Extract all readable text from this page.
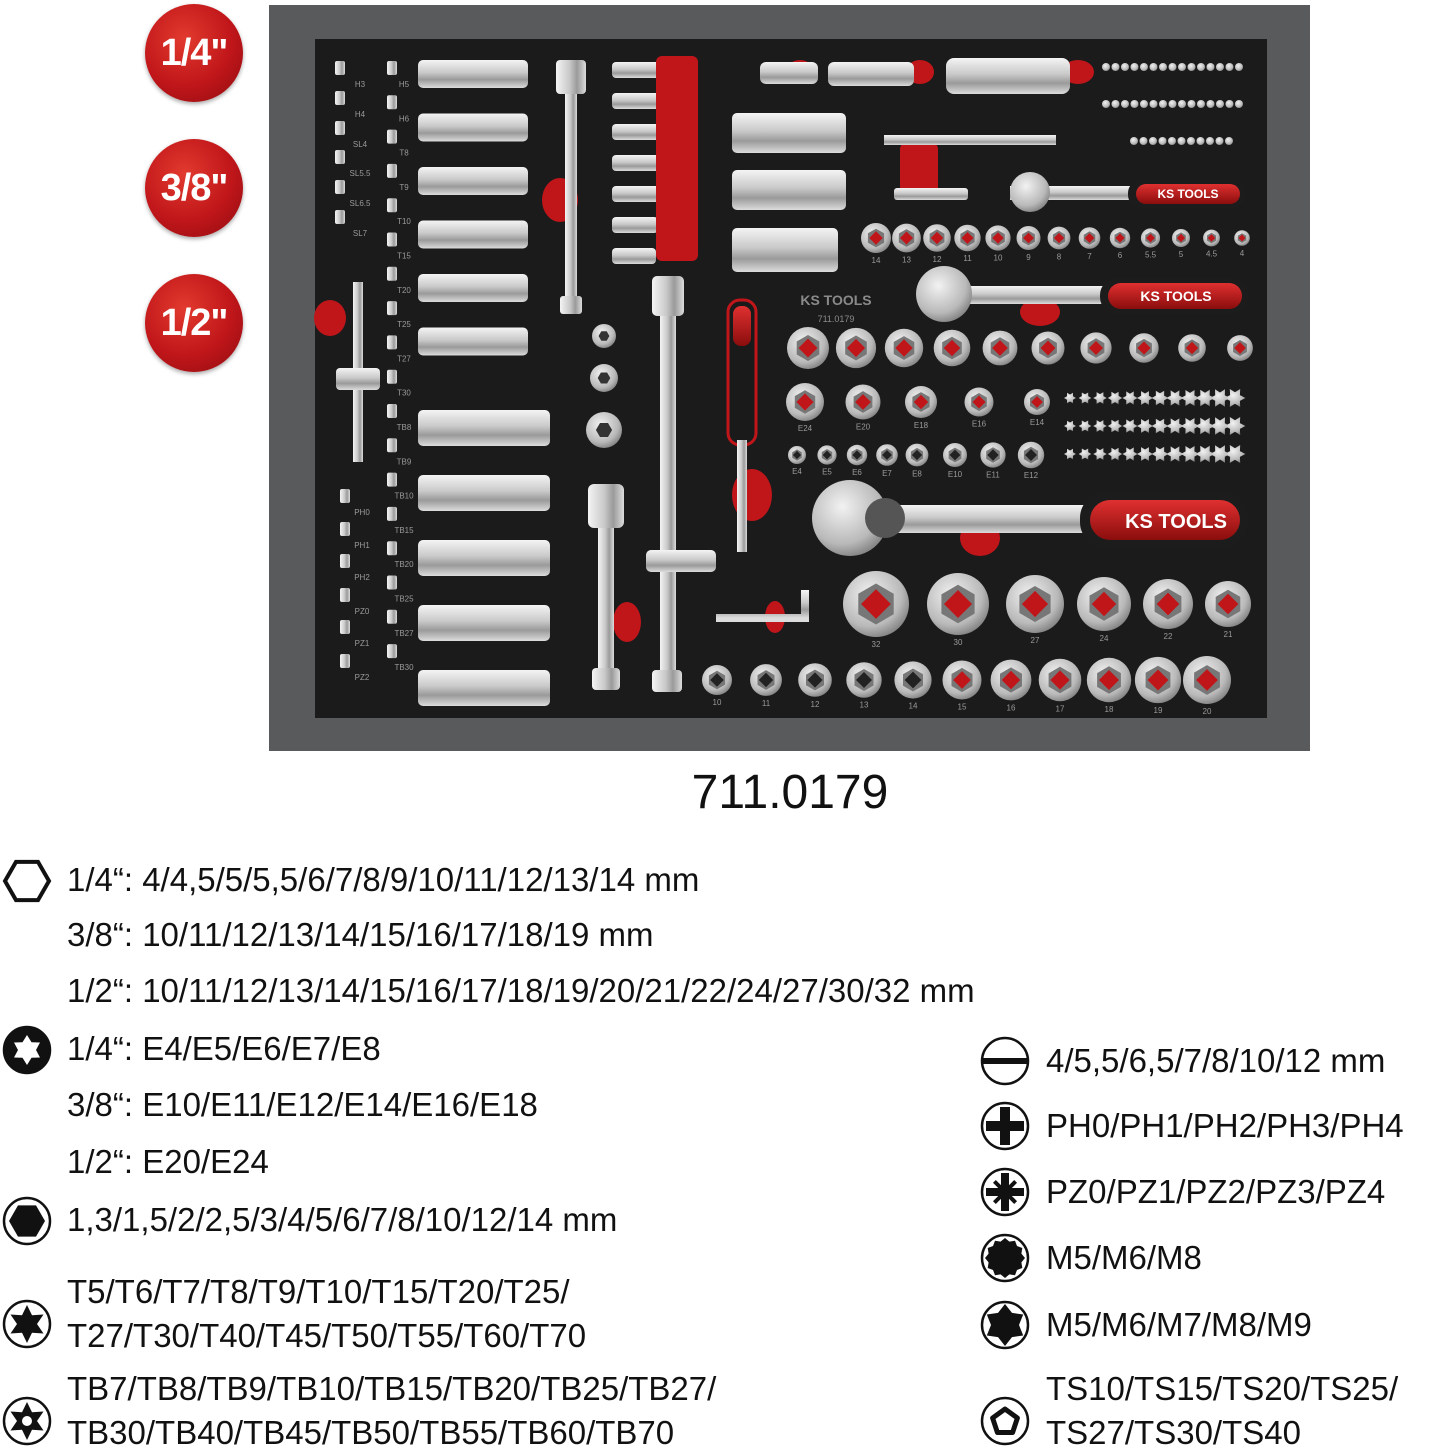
1/4"
3/8"
1/2"
KS TOOLS
KS TOOLS
KS TOOLS
KS TOOLS
711.0179
H3
H4
SL4
SL5.5
SL6.5
SL7
PH0
PH1
PH2
PZ0
PZ1
PZ2
H5
H6
T8
T9
T10
T15
T20
T25
T27
T30
TB8
TB9
TB10
TB15
TB20
TB25
TB27
TB30
14	13	12	11	10	9	8	7	6	5.5	5	4.5	4
E24	E20	E18	E16	E14
E4	E5	E6	E7	E8	E10	E11	E12
32	30	27	24	22	21
10	11	12	13	14	15	16	17	18	19	20
711.0179
1/4“: 4/4,5/5/5,5/6/7/8/9/10/11/12/13/14 mm
3/8“: 10/11/12/13/14/15/16/17/18/19 mm
1/2“: 10/11/12/13/14/15/16/17/18/19/20/21/22/24/27/30/32 mm
1/4“: E4/E5/E6/E7/E8
3/8“: E10/E11/E12/E14/E16/E18
1/2“: E20/E24
1,3/1,5/2/2,5/3/4/5/6/7/8/10/12/14 mm
T5/T6/T7/T8/T9/T10/T15/T20/T25/
T27/T30/T40/T45/T50/T55/T60/T70
TB7/TB8/TB9/TB10/TB15/TB20/TB25/TB27/
TB30/TB40/TB45/TB50/TB55/TB60/TB70
4/5,5/6,5/7/8/10/12 mm
PH0/PH1/PH2/PH3/PH4
PZ0/PZ1/PZ2/PZ3/PZ4
M5/M6/M8
M5/M6/M7/M8/M9
TS10/TS15/TS20/TS25/
TS27/TS30/TS40
